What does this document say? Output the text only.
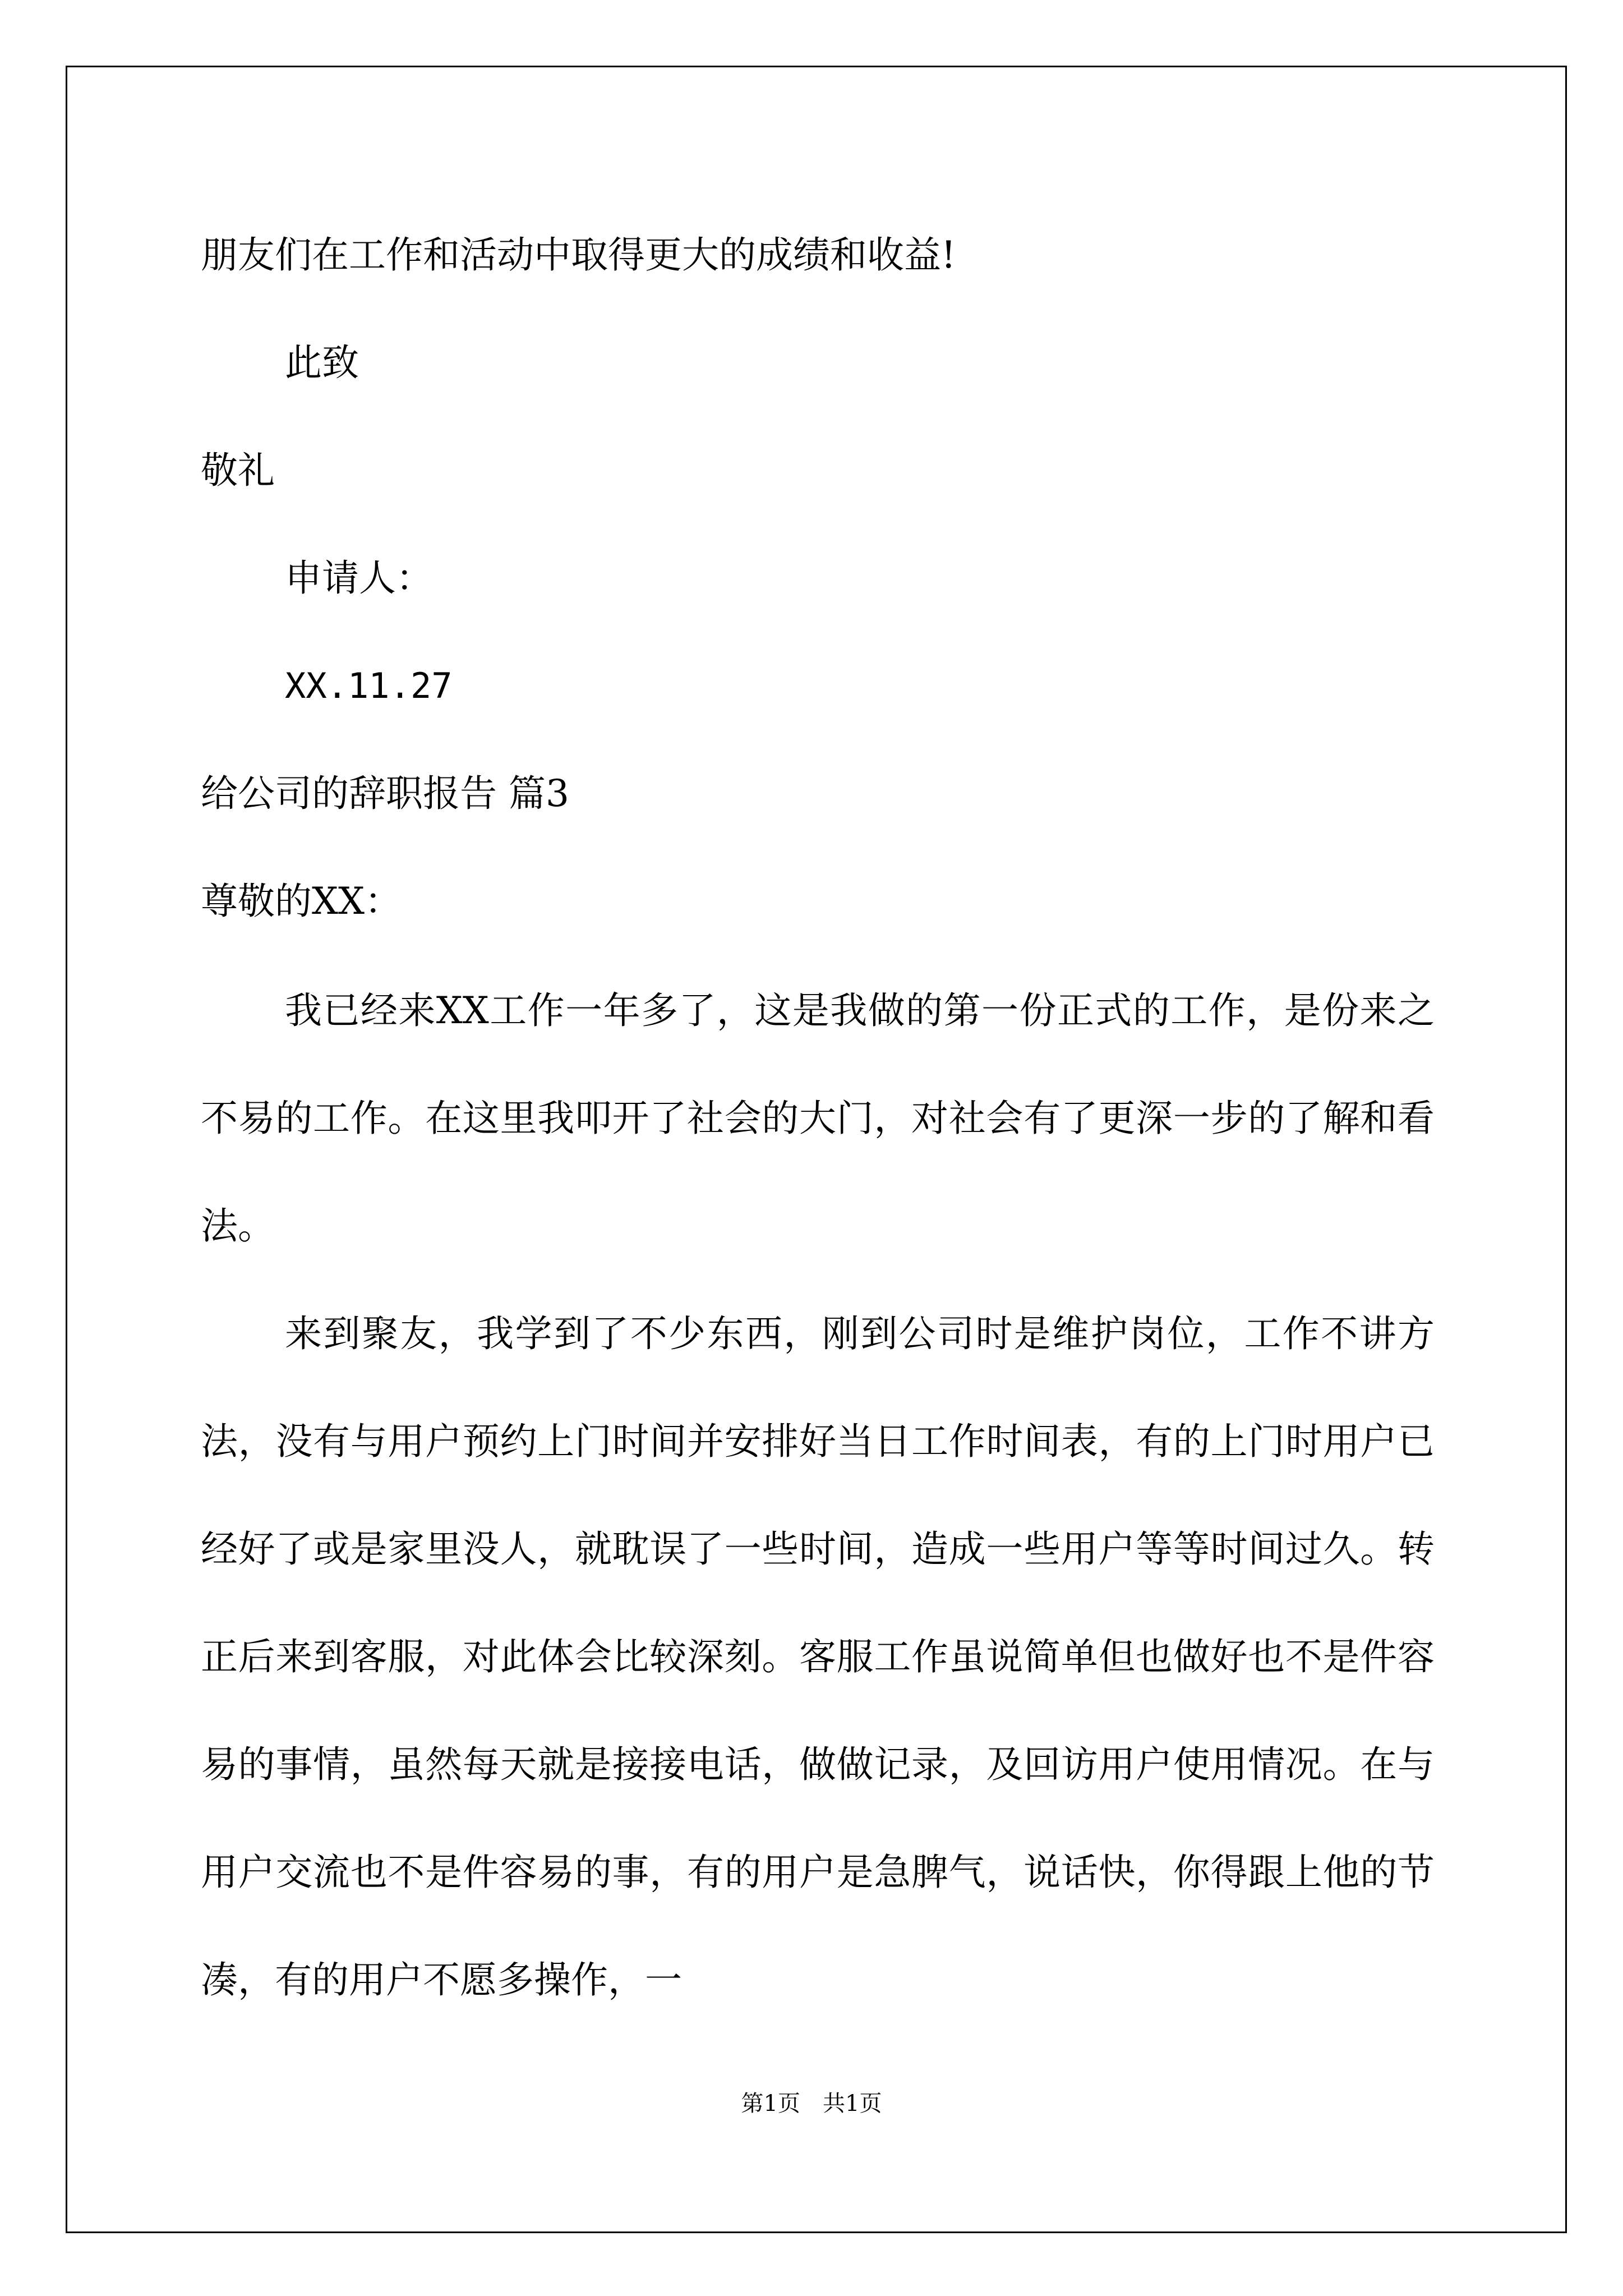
朋友们在工作和活动中取得更大的成绩和收益!
此致
敬礼
申请人：
XX.11.27
给公司的辞职报告 篇3
尊敬的XX：

我已经来XX工作一年多了，这是我做的第一份正式的工作，是份来之不易的工作。在这里我叩开了社会的大门，对社会有了更深一步的了解和看法。

来到聚友，我学到了不少东西，刚到公司时是维护岗位，工作不讲方法，没有与用户预约上门时间并安排好当日工作时间表，有的上门时用户已经好了或是家里没人，就耽误了一些时间，造成一些用户等等时间过久。转正后来到客服，对此体会比较深刻。客服工作虽说简单但也做好也不是件容易的事情，虽然每天就是接接电话，做做记录，及回访用户使用情况。在与用户交流也不是件容易的事，有的用户是急脾气，说话快，你得跟上他的节凑，有的用户不愿多操作，一

第1页　共1页
